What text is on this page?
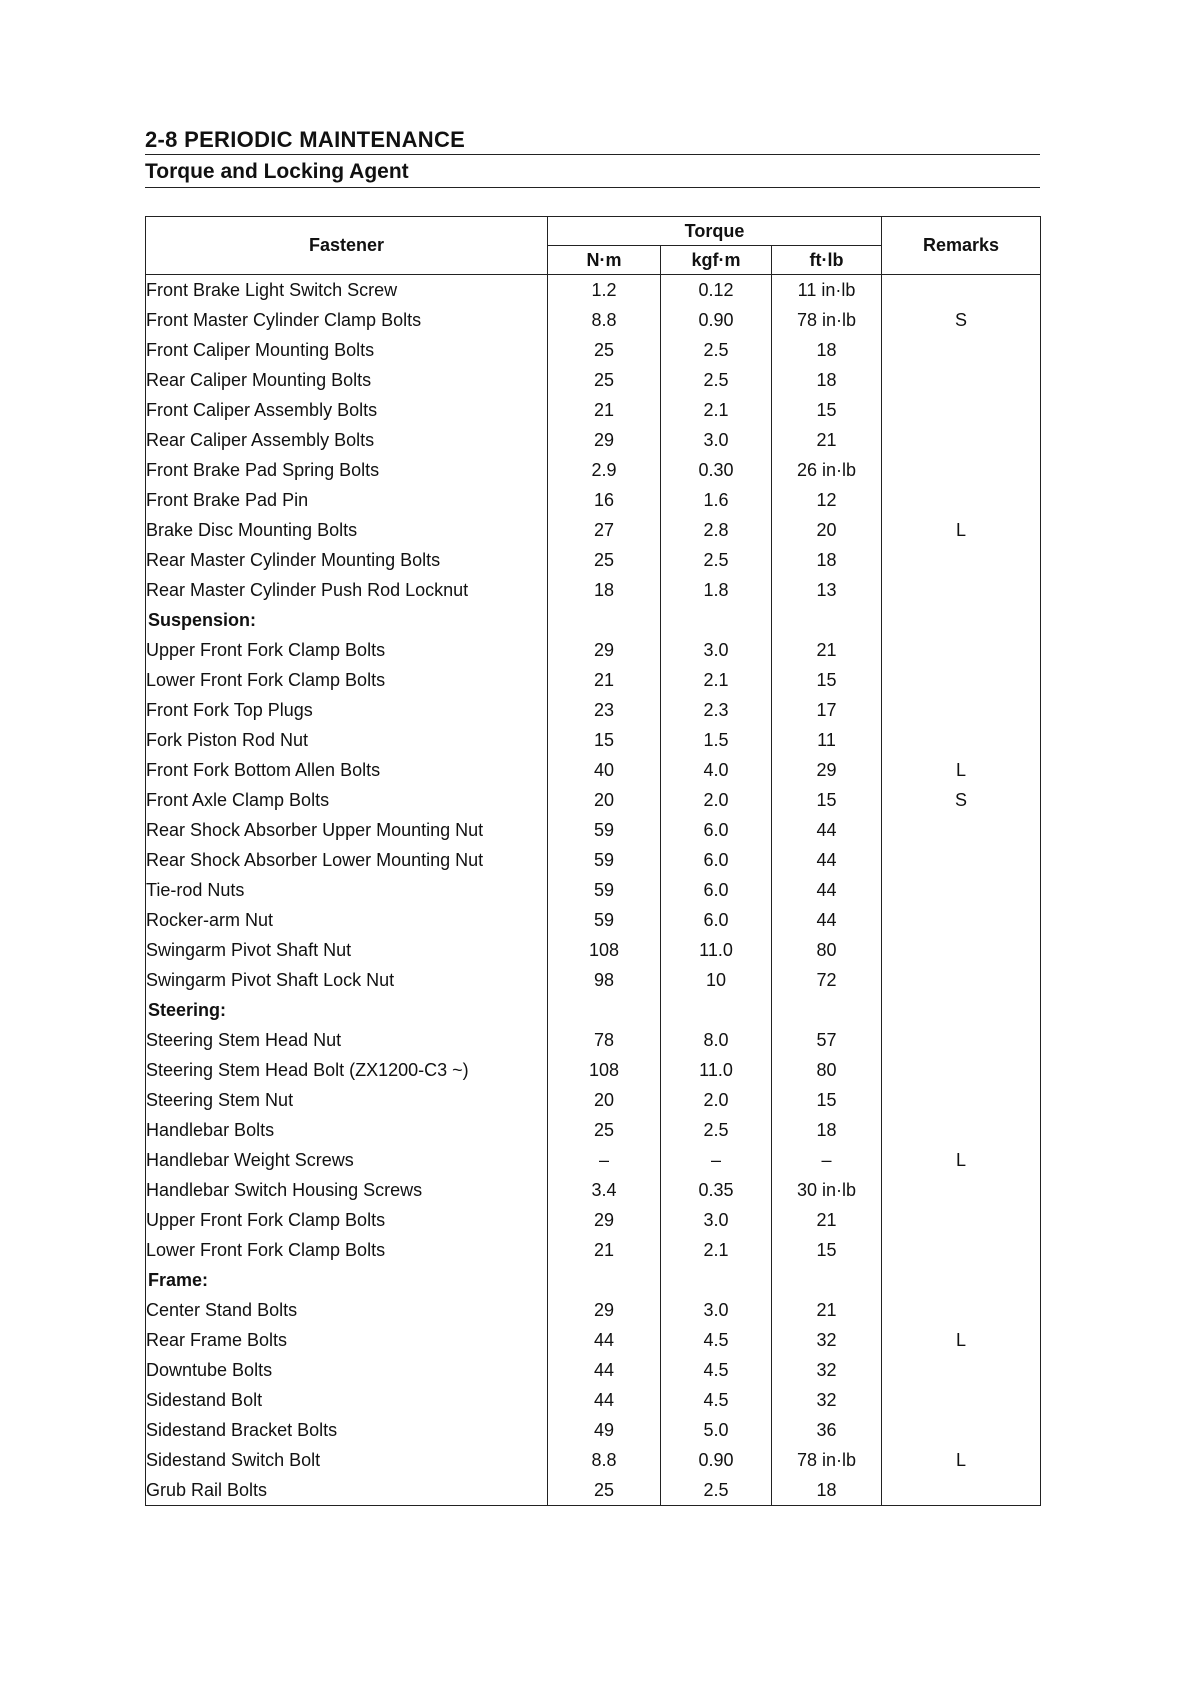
2-8 PERIODIC MAINTENANCE
Torque and Locking Agent
Fastener	Torque			Remarks
	N·m	kgf·m	ft·lb	
Front Brake Light Switch Screw	1.2	0.12	11 in·lb	
Front Master Cylinder Clamp Bolts	8.8	0.90	78 in·lb	S
Front Caliper Mounting Bolts	25	2.5	18	
Rear Caliper Mounting Bolts	25	2.5	18	
Front Caliper Assembly Bolts	21	2.1	15	
Rear Caliper Assembly Bolts	29	3.0	21	
Front Brake Pad Spring Bolts	2.9	0.30	26 in·lb	
Front Brake Pad Pin	16	1.6	12	
Brake Disc Mounting Bolts	27	2.8	20	L
Rear Master Cylinder Mounting Bolts	25	2.5	18	
Rear Master Cylinder Push Rod Locknut	18	1.8	13	
Suspension:				
Upper Front Fork Clamp Bolts	29	3.0	21	
Lower Front Fork Clamp Bolts	21	2.1	15	
Front Fork Top Plugs	23	2.3	17	
Fork Piston Rod Nut	15	1.5	11	
Front Fork Bottom Allen Bolts	40	4.0	29	L
Front Axle Clamp Bolts	20	2.0	15	S
Rear Shock Absorber Upper Mounting Nut	59	6.0	44	
Rear Shock Absorber Lower Mounting Nut	59	6.0	44	
Tie-rod Nuts	59	6.0	44	
Rocker-arm Nut	59	6.0	44	
Swingarm Pivot Shaft Nut	108	11.0	80	
Swingarm Pivot Shaft Lock Nut	98	10	72	
Steering:				
Steering Stem Head Nut	78	8.0	57	
Steering Stem Head Bolt (ZX1200-C3 ~)	108	11.0	80	
Steering Stem Nut	20	2.0	15	
Handlebar Bolts	25	2.5	18	
Handlebar Weight Screws	–	–	–	L
Handlebar Switch Housing Screws	3.4	0.35	30 in·lb	
Upper Front Fork Clamp Bolts	29	3.0	21	
Lower Front Fork Clamp Bolts	21	2.1	15	
Frame:				
Center Stand Bolts	29	3.0	21	
Rear Frame Bolts	44	4.5	32	L
Downtube Bolts	44	4.5	32	
Sidestand Bolt	44	4.5	32	
Sidestand Bracket Bolts	49	5.0	36	
Sidestand Switch Bolt	8.8	0.90	78 in·lb	L
Grub Rail Bolts	25	2.5	18	
